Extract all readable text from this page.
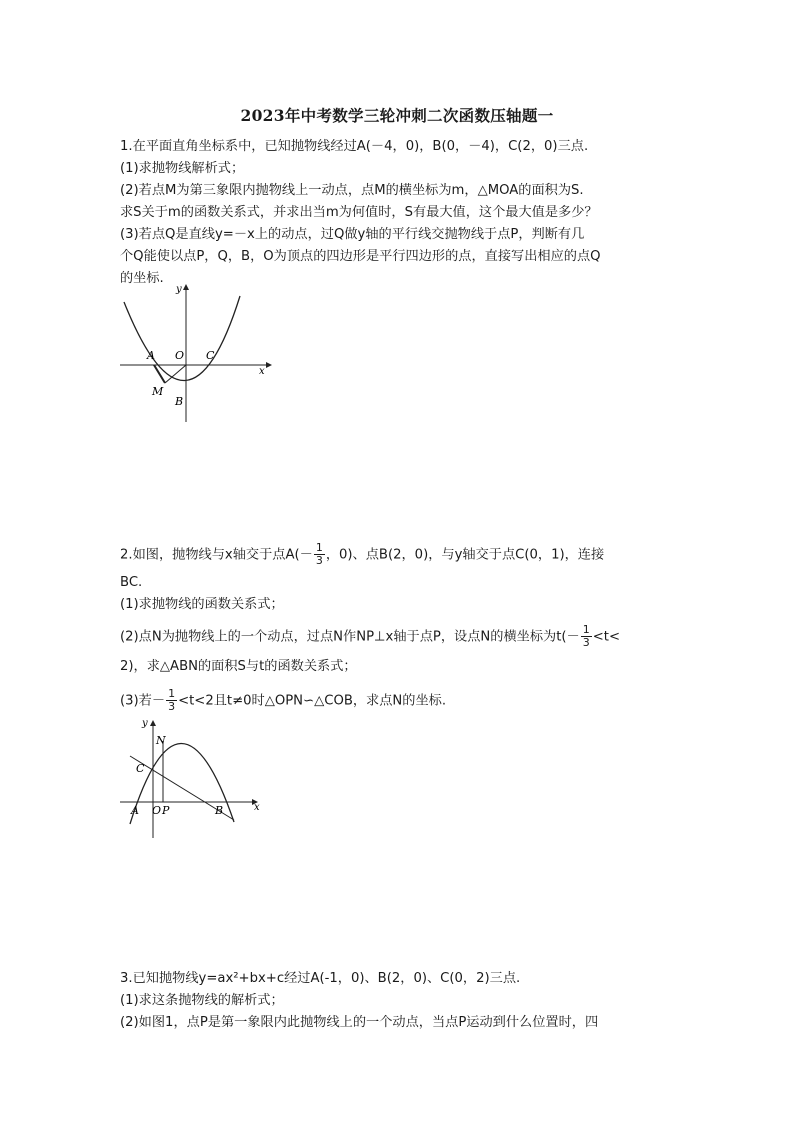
2023年中考数学三轮冲刺二次函数压轴题一
1.在平面直角坐标系中，已知抛物线经过A(－4，0)，B(0，－4)，C(2，0)三点.
(1)求抛物线解析式；
(2)若点M为第三象限内抛物线上一动点，点M的横坐标为m，△MOA的面积为S.
求S关于m的函数关系式，并求出当m为何值时，S有最大值，这个最大值是多少？
(3)若点Q是直线y=－x上的动点，过Q做y轴的平行线交抛物线于点P，判断有几
个Q能使以点P，Q，B，O为顶点的四边形是平行四边形的点，直接写出相应的点Q
的坐标.
y
x
A O C
M
B
2.如图，抛物线与x轴交于点$A(- \frac{1}{3}$ ，0)、点B(2，0)，与y轴交于点C(0，1)，连接
BC.
(1)求抛物线的函数关系式；
(2)点N为抛物线上的一个动点，过点N作NP⊥x轴于点P，设点N的横坐标为$t(- \frac{1}{3} <t<$
2)，求△ABN的面积S与t的函数关系式；
(3)若－ $\frac{1}{3} <t<2$且t≠0时△OPN∽△COB，求点N的坐标.
y
x
N
C
A O P	B
3.已知抛物线y=ax²+bx+c经过A(-1，0)、B(2，0)、C(0，2)三点.
(1)求这条抛物线的解析式；
(2)如图1，点P是第一象限内此抛物线上的一个动点，当点P运动到什么位置时，四
